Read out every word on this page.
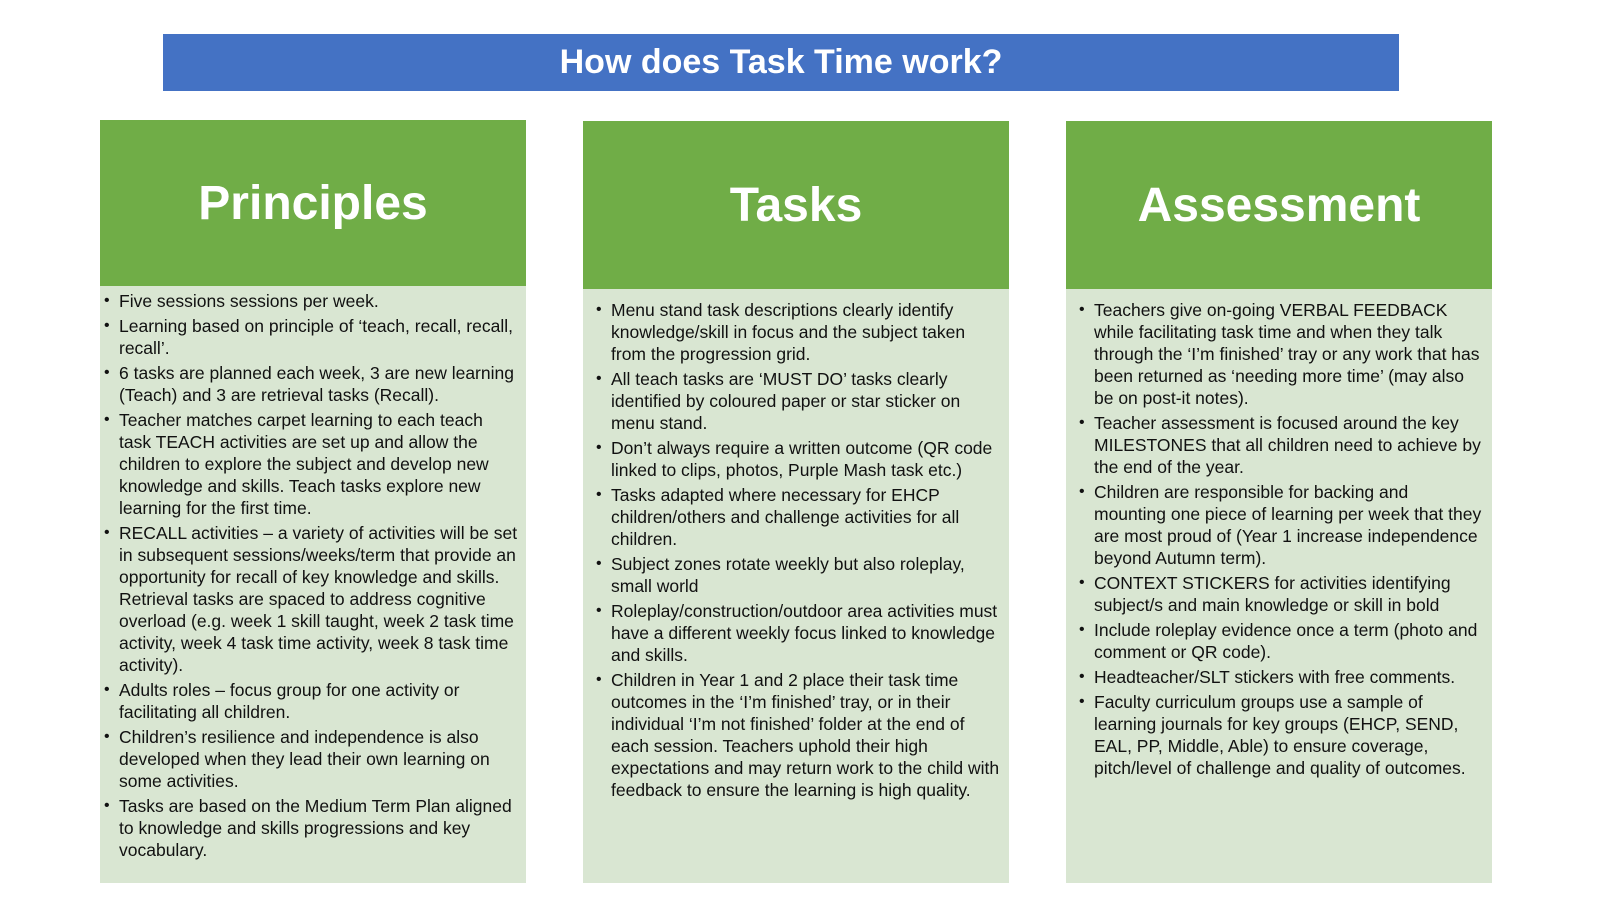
How does Task Time work?
Principles
• Five sessions sessions per week.
• Learning based on principle of ‘teach, recall, recall, recall’.
• 6 tasks are planned each week, 3 are new learning (Teach) and 3 are retrieval tasks (Recall).
• Teacher matches carpet learning to each teach task TEACH activities are set up and allow the children to explore the subject and develop new knowledge and skills. Teach tasks explore new learning for the first time.
• RECALL activities – a variety of activities will be set in subsequent sessions/weeks/term that provide an opportunity for recall of key knowledge and skills. Retrieval tasks are spaced to address cognitive overload (e.g. week 1 skill taught, week 2 task time activity, week 4 task time activity, week 8 task time activity).
• Adults roles – focus group for one activity or facilitating all children.
• Children’s resilience and independence is also developed when they lead their own learning on some activities.
• Tasks are based on the Medium Term Plan aligned to knowledge and skills progressions and key vocabulary.
Tasks
• Menu stand task descriptions clearly identify knowledge/skill in focus and the subject taken from the progression grid.
• All teach tasks are ‘MUST DO’ tasks clearly identified by coloured paper or star sticker on menu stand.
• Don’t always require a written outcome (QR code linked to clips, photos, Purple Mash task etc.)
• Tasks adapted where necessary for EHCP children/others and challenge activities for all children.
• Subject zones rotate weekly but also roleplay, small world
• Roleplay/construction/outdoor area activities must have a different weekly focus linked to knowledge and skills.
• Children in Year 1 and 2 place their task time outcomes in the ‘I’m finished’ tray, or in their individual ‘I’m not finished’ folder at the end of each session. Teachers uphold their high expectations and may return work to the child with feedback to ensure the learning is high quality.
Assessment
• Teachers give on-going VERBAL FEEDBACK while facilitating task time and when they talk through the ‘I’m finished’ tray or any work that has been returned as ‘needing more time’ (may also be on post-it notes).
• Teacher assessment is focused around the key MILESTONES that all children need to achieve by the end of the year.
• Children are responsible for backing and mounting one piece of learning per week that they are most proud of (Year 1 increase independence beyond Autumn term).
• CONTEXT STICKERS for activities identifying subject/s and main knowledge or skill in bold
• Include roleplay evidence once a term (photo and comment or QR code).
• Headteacher/SLT stickers with free comments.
• Faculty curriculum groups use a sample of learning journals for key groups (EHCP, SEND, EAL, PP, Middle, Able) to ensure coverage, pitch/level of challenge and quality of outcomes.
